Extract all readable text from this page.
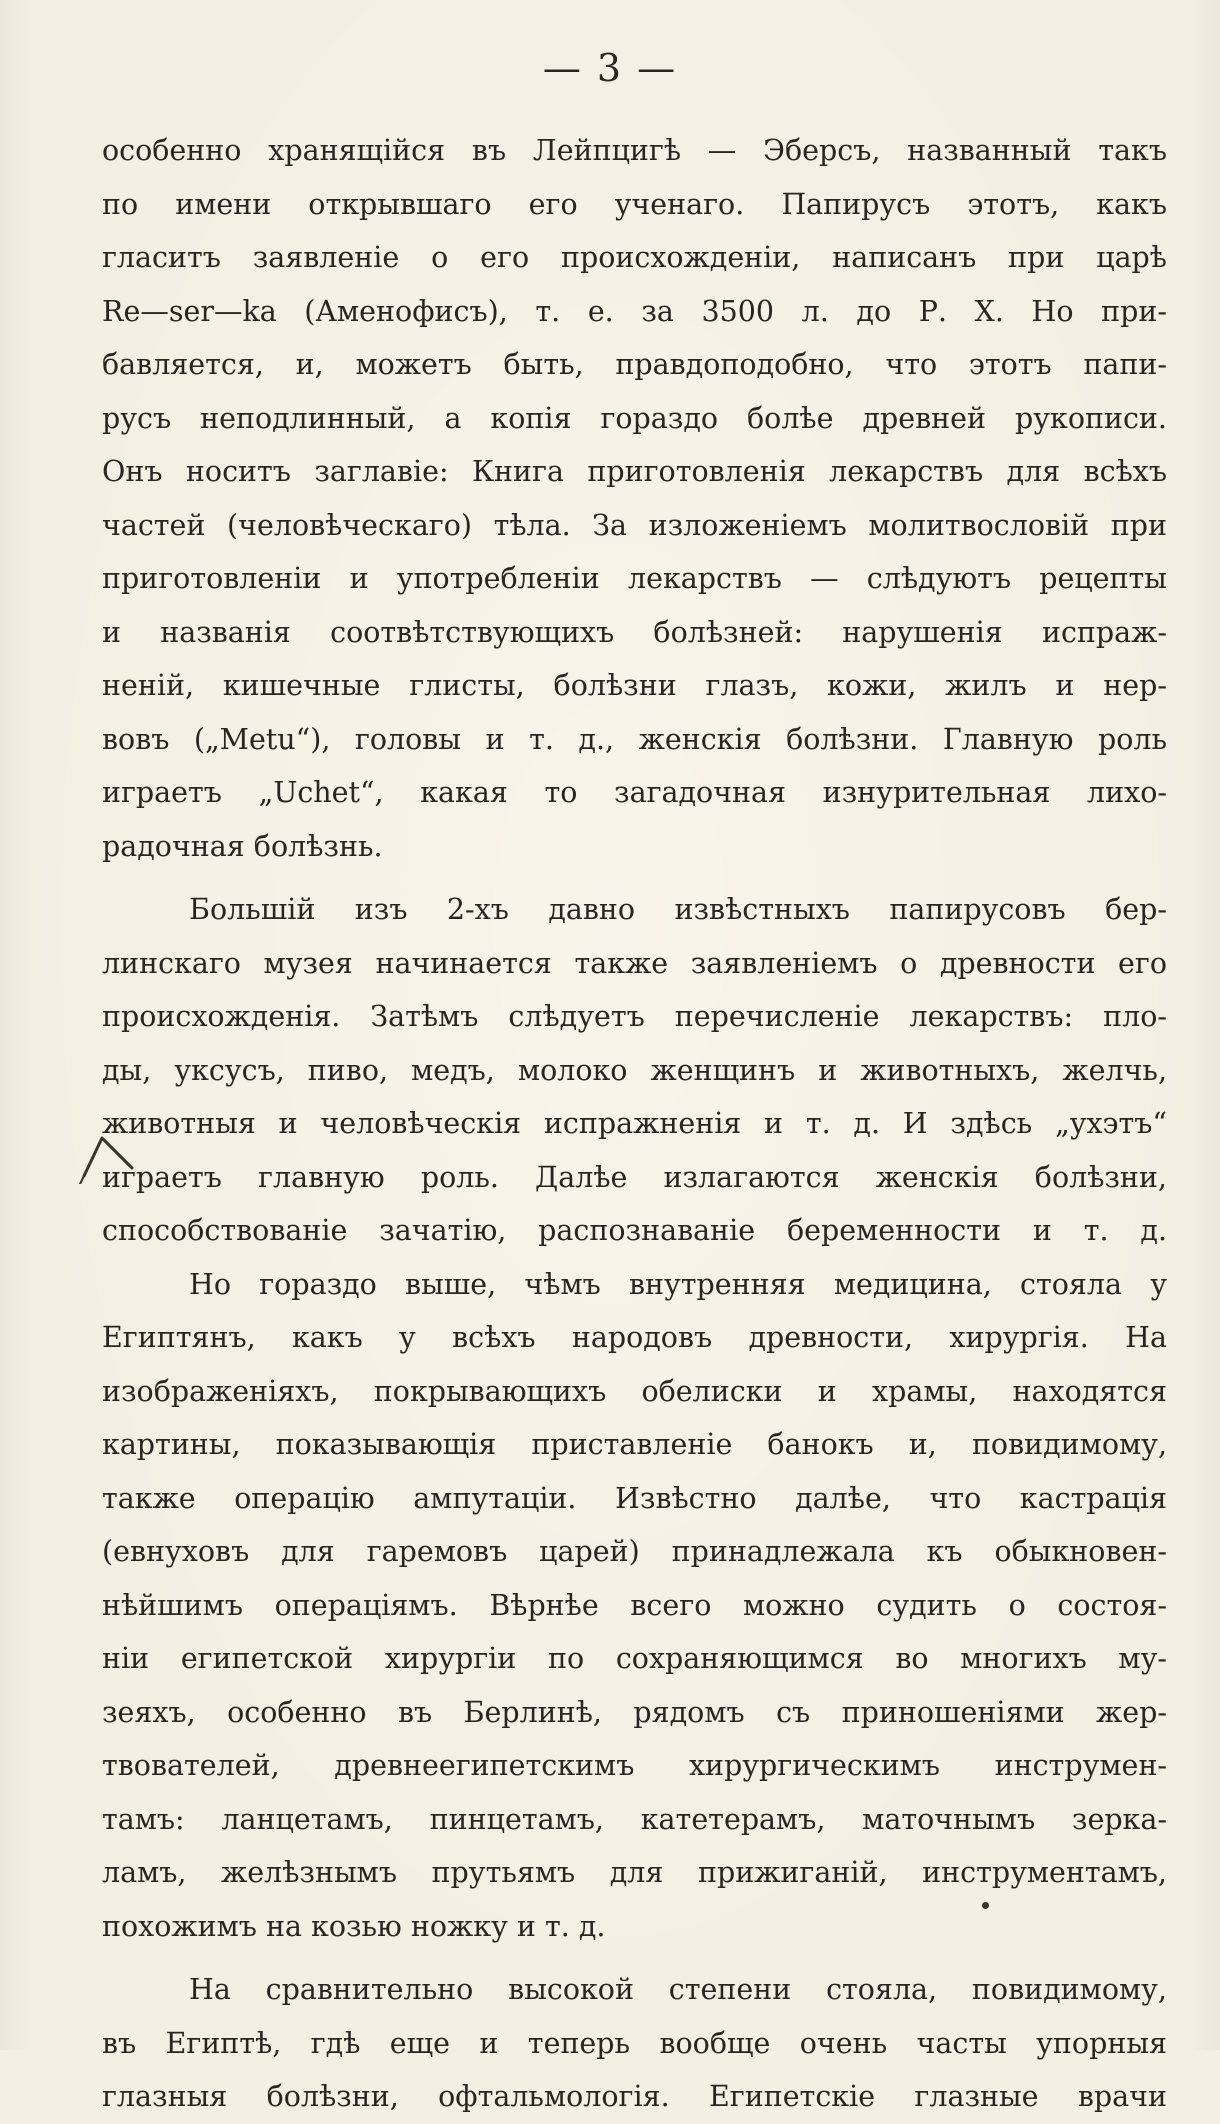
— 3 —
особенно хранящійся въ Лейпцигѣ — Эберсъ, названный такъ
по имени открывшаго его ученаго. Папирусъ этотъ, какъ
гласитъ заявленіе о его происхожденіи, написанъ при царѣ
Re—ser—ka (Аменофисъ), т. е. за 3500 л. до Р. Х. Но при-
бавляется, и, можетъ быть, правдоподобно, что этотъ папи-
русъ неподлинный, а копія гораздо болѣе древней рукописи.
Онъ носитъ заглавіе: Книга приготовленія лекарствъ для всѣхъ
частей (человѣческаго) тѣла. За изложеніемъ молитвословій при
приготовленіи и употребленіи лекарствъ — слѣдуютъ рецепты
и названія соотвѣтствующихъ болѣзней: нарушенія испраж-
неній, кишечные глисты, болѣзни глазъ, кожи, жилъ и нер-
вовъ („Metu“), головы и т. д., женскія болѣзни. Главную роль
играетъ „Uchet“, какая то загадочная изнурительная лихо-
радочная болѣзнь.
Большій изъ 2-хъ давно извѣстныхъ папирусовъ бер-
линскаго музея начинается также заявленіемъ о древности его
происхожденія. Затѣмъ слѣдуетъ перечисленіе лекарствъ: пло-
ды, уксусъ, пиво, медъ, молоко женщинъ и животныхъ, желчь,
животныя и человѣческія испражненія и т. д. И здѣсь „ухэтъ“
играетъ главную роль. Далѣе излагаются женскія болѣзни,
способствованіе зачатію, распознаваніе беременности и т. д.
Но гораздо выше, чѣмъ внутренняя медицина, стояла у
Египтянъ, какъ у всѣхъ народовъ древности, хирургія. На
изображеніяхъ, покрывающихъ обелиски и храмы, находятся
картины, показывающія приставленіе банокъ и, повидимому,
также операцію ампутаціи. Извѣстно далѣе, что кастрація
(евнуховъ для гаремовъ царей) принадлежала къ обыкновен-
нѣйшимъ операціямъ. Вѣрнѣе всего можно судить о состоя-
ніи египетской хирургіи по сохраняющимся во многихъ му-
зеяхъ, особенно въ Берлинѣ, рядомъ съ приношеніями жер-
твователей, древнеегипетскимъ хирургическимъ инструмен-
тамъ: ланцетамъ, пинцетамъ, катетерамъ, маточнымъ зерка-
ламъ, желѣзнымъ прутьямъ для прижиганій, инструментамъ,
похожимъ на козью ножку и т. д.
На сравнительно высокой степени стояла, повидимому,
въ Египтѣ, гдѣ еще и теперь вообще очень часты упорныя
глазныя болѣзни, офтальмологія. Египетскіе глазные врачи
